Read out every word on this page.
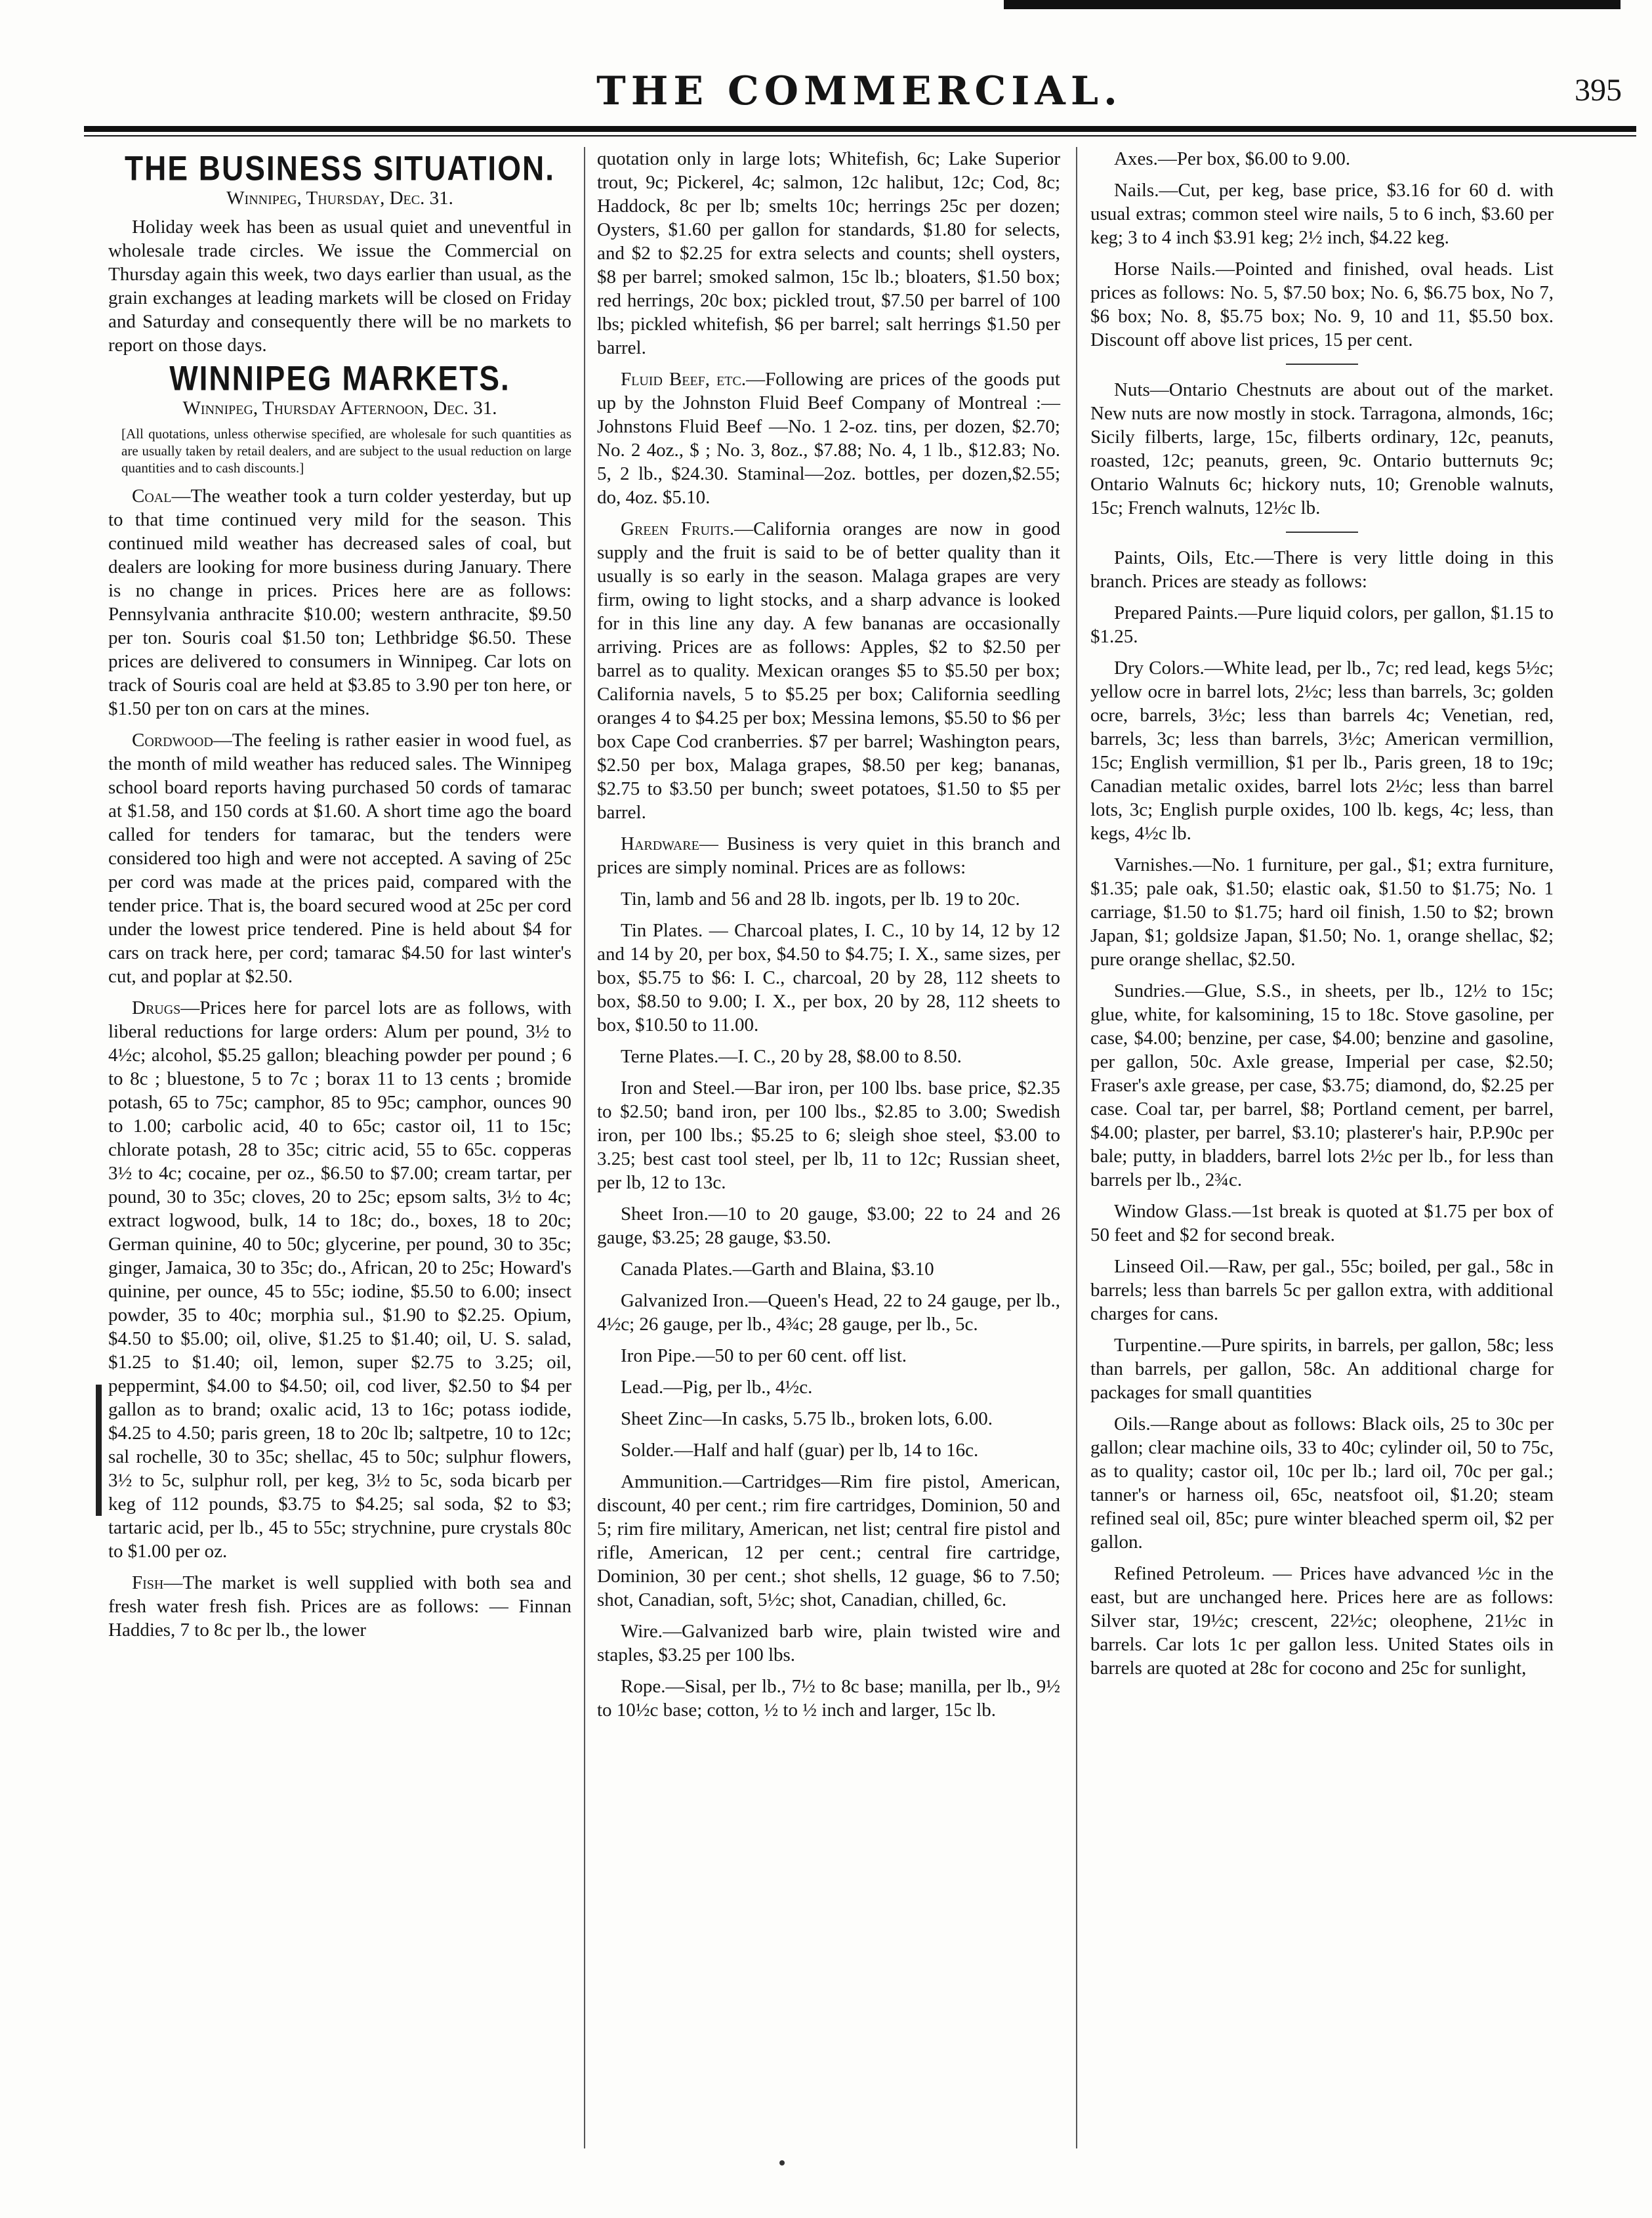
THE COMMERCIAL.	395
THE BUSINESS SITUATION.
Winnipeg, Thursday, Dec. 31.

Holiday week has been as usual quiet and uneventful in wholesale trade circles. We issue the Commercial on Thursday again this week, two days earlier than usual, as the grain exchanges at leading markets will be closed on Friday and Saturday and consequently there will be no markets to report on those days.

WINNIPEG MARKETS.
Winnipeg, Thursday Afternoon, Dec. 31.
[All quotations, unless otherwise specified, are wholesale for such quantities as are usually taken by retail dealers, and are subject to the usual reduction on large quantities and to cash discounts.]

Coal—The weather took a turn colder yesterday, but up to that time continued very mild for the season. This continued mild weather has decreased sales of coal, but dealers are looking for more business during January. There is no change in prices. Prices here are as follows: Pennsylvania anthracite $10.00; western anthracite, $9.50 per ton. Souris coal $1.50 ton; Lethbridge $6.50. These prices are delivered to consumers in Winnipeg. Car lots on track of Souris coal are held at $3.85 to 3.90 per ton here, or $1.50 per ton on cars at the mines.

Cordwood—The feeling is rather easier in wood fuel, as the month of mild weather has reduced sales. The Winnipeg school board reports having purchased 50 cords of tamarac at $1.58, and 150 cords at $1.60. A short time ago the board called for tenders for tamarac, but the tenders were considered too high and were not accepted. A saving of 25c per cord was made at the prices paid, compared with the tender price. That is, the board secured wood at 25c per cord under the lowest price tendered. Pine is held about $4 for cars on track here, per cord; tamarac $4.50 for last winter's cut, and poplar at $2.50.

Drugs—Prices here for parcel lots are as follows, with liberal reductions for large orders: Alum per pound, 3½ to 4½c; alcohol, $5.25 gallon; bleaching powder per pound ; 6 to 8c ; bluestone, 5 to 7c ; borax 11 to 13 cents ; bromide potash, 65 to 75c; camphor, 85 to 95c; camphor, ounces 90 to 1.00; carbolic acid, 40 to 65c; castor oil, 11 to 15c; chlorate potash, 28 to 35c; citric acid, 55 to 65c. copperas 3½ to 4c; cocaine, per oz., $6.50 to $7.00; cream tartar, per pound, 30 to 35c; cloves, 20 to 25c; epsom salts, 3½ to 4c; extract logwood, bulk, 14 to 18c; do., boxes, 18 to 20c; German quinine, 40 to 50c; glycerine, per pound, 30 to 35c; ginger, Jamaica, 30 to 35c; do., African, 20 to 25c; Howard's quinine, per ounce, 45 to 55c; iodine, $5.50 to 6.00; insect powder, 35 to 40c; morphia sul., $1.90 to $2.25. Opium, $4.50 to $5.00; oil, olive, $1.25 to $1.40; oil, U. S. salad, $1.25 to $1.40; oil, lemon, super $2.75 to 3.25; oil, peppermint, $4.00 to $4.50; oil, cod liver, $2.50 to $4 per gallon as to brand; oxalic acid, 13 to 16c; potass iodide, $4.25 to 4.50; paris green, 18 to 20c lb; saltpetre, 10 to 12c; sal rochelle, 30 to 35c; shellac, 45 to 50c; sulphur flowers, 3½ to 5c, sulphur roll, per keg, 3½ to 5c, soda bicarb per keg of 112 pounds, $3.75 to $4.25; sal soda, $2 to $3; tartaric acid, per lb., 45 to 55c; strychnine, pure crystals 80c to $1.00 per oz.

Fish—The market is well supplied with both sea and fresh water fresh fish. Prices are as follows: — Finnan Haddies, 7 to 8c per lb., the lower

quotation only in large lots; Whitefish, 6c; Lake Superior trout, 9c; Pickerel, 4c; salmon, 12c halibut, 12c; Cod, 8c; Haddock, 8c per lb; smelts 10c; herrings 25c per dozen; Oysters, $1.60 per gallon for standards, $1.80 for selects, and $2 to $2.25 for extra selects and counts; shell oysters, $8 per barrel; smoked salmon, 15c lb.; bloaters, $1.50 box; red herrings, 20c box; pickled trout, $7.50 per barrel of 100 lbs; pickled whitefish, $6 per barrel; salt herrings $1.50 per barrel.

Fluid Beef, etc.—Following are prices of the goods put up by the Johnston Fluid Beef Company of Montreal :—Johnstons Fluid Beef —No. 1 2-oz. tins, per dozen, $2.70; No. 2 4oz., $ ; No. 3, 8oz., $7.88; No. 4, 1 lb., $12.83; No. 5, 2 lb., $24.30. Staminal—2oz. bottles, per dozen,$2.55; do, 4oz. $5.10.

Green Fruits.—California oranges are now in good supply and the fruit is said to be of better quality than it usually is so early in the season. Malaga grapes are very firm, owing to light stocks, and a sharp advance is looked for in this line any day. A few bananas are occasionally arriving. Prices are as follows: Apples, $2 to $2.50 per barrel as to quality. Mexican oranges $5 to $5.50 per box; California navels, 5 to $5.25 per box; California seedling oranges 4 to $4.25 per box; Messina lemons, $5.50 to $6 per box Cape Cod cranberries. $7 per barrel; Washington pears, $2.50 per box, Malaga grapes, $8.50 per keg; bananas, $2.75 to $3.50 per bunch; sweet potatoes, $1.50 to $5 per barrel.

Hardware— Business is very quiet in this branch and prices are simply nominal. Prices are as follows:

Tin, lamb and 56 and 28 lb. ingots, per lb. 19 to 20c.

Tin Plates. — Charcoal plates, I. C., 10 by 14, 12 by 12 and 14 by 20, per box, $4.50 to $4.75; I. X., same sizes, per box, $5.75 to $6: I. C., charcoal, 20 by 28, 112 sheets to box, $8.50 to 9.00; I. X., per box, 20 by 28, 112 sheets to box, $10.50 to 11.00.

Terne Plates.—I. C., 20 by 28, $8.00 to 8.50.

Iron and Steel.—Bar iron, per 100 lbs. base price, $2.35 to $2.50; band iron, per 100 lbs., $2.85 to 3.00; Swedish iron, per 100 lbs.; $5.25 to 6; sleigh shoe steel, $3.00 to 3.25; best cast tool steel, per lb, 11 to 12c; Russian sheet, per lb, 12 to 13c.

Sheet Iron.—10 to 20 gauge, $3.00; 22 to 24 and 26 gauge, $3.25; 28 gauge, $3.50.

Canada Plates.—Garth and Blaina, $3.10

Galvanized Iron.—Queen's Head, 22 to 24 gauge, per lb., 4½c; 26 gauge, per lb., 4¾c; 28 gauge, per lb., 5c.

Iron Pipe.—50 to per 60 cent. off list.

Lead.—Pig, per lb., 4½c.

Sheet Zinc—In casks, 5.75 lb., broken lots, 6.00.

Solder.—Half and half (guar) per lb, 14 to 16c.

Ammunition.—Cartridges—Rim fire pistol, American, discount, 40 per cent.; rim fire cartridges, Dominion, 50 and 5; rim fire military, American, net list; central fire pistol and rifle, American, 12 per cent.; central fire cartridge, Dominion, 30 per cent.; shot shells, 12 guage, $6 to 7.50; shot, Canadian, soft, 5½c; shot, Canadian, chilled, 6c.

Wire.—Galvanized barb wire, plain twisted wire and staples, $3.25 per 100 lbs.

Rope.—Sisal, per lb., 7½ to 8c base; manilla, per lb., 9½ to 10½c base; cotton, ½ to ½ inch and larger, 15c lb.

Axes.—Per box, $6.00 to 9.00.

Nails.—Cut, per keg, base price, $3.16 for 60 d. with usual extras; common steel wire nails, 5 to 6 inch, $3.60 per keg; 3 to 4 inch $3.91 keg; 2½ inch, $4.22 keg.

Horse Nails.—Pointed and finished, oval heads. List prices as follows: No. 5, $7.50 box; No. 6, $6.75 box, No 7, $6 box; No. 8, $5.75 box; No. 9, 10 and 11, $5.50 box. Discount off above list prices, 15 per cent.

Nuts—Ontario Chestnuts are about out of the market. New nuts are now mostly in stock. Tarragona, almonds, 16c; Sicily filberts, large, 15c, filberts ordinary, 12c, peanuts, roasted, 12c; peanuts, green, 9c. Ontario butternuts 9c; Ontario Walnuts 6c; hickory nuts, 10; Grenoble walnuts, 15c; French walnuts, 12½c lb.

Paints, Oils, Etc.—There is very little doing in this branch. Prices are steady as follows:

Prepared Paints.—Pure liquid colors, per gallon, $1.15 to $1.25.

Dry Colors.—White lead, per lb., 7c; red lead, kegs 5½c; yellow ocre in barrel lots, 2½c; less than barrels, 3c; golden ocre, barrels, 3½c; less than barrels 4c; Venetian, red, barrels, 3c; less than barrels, 3½c; American vermillion, 15c; English vermillion, $1 per lb., Paris green, 18 to 19c; Canadian metalic oxides, barrel lots 2½c; less than barrel lots, 3c; English purple oxides, 100 lb. kegs, 4c; less, than kegs, 4½c lb.

Varnishes.—No. 1 furniture, per gal., $1; extra furniture, $1.35; pale oak, $1.50; elastic oak, $1.50 to $1.75; No. 1 carriage, $1.50 to $1.75; hard oil finish, 1.50 to $2; brown Japan, $1; goldsize Japan, $1.50; No. 1, orange shellac, $2; pure orange shellac, $2.50.

Sundries.—Glue, S.S., in sheets, per lb., 12½ to 15c; glue, white, for kalsomining, 15 to 18c. Stove gasoline, per case, $4.00; benzine, per case, $4.00; benzine and gasoline, per gallon, 50c. Axle grease, Imperial per case, $2.50; Fraser's axle grease, per case, $3.75; diamond, do, $2.25 per case. Coal tar, per barrel, $8; Portland cement, per barrel, $4.00; plaster, per barrel, $3.10; plasterer's hair, P.P.90c per bale; putty, in bladders, barrel lots 2½c per lb., for less than barrels per lb., 2¾c.

Window Glass.—1st break is quoted at $1.75 per box of 50 feet and $2 for second break.

Linseed Oil.—Raw, per gal., 55c; boiled, per gal., 58c in barrels; less than barrels 5c per gallon extra, with additional charges for cans.

Turpentine.—Pure spirits, in barrels, per gallon, 58c; less than barrels, per gallon, 58c. An additional charge for packages for small quantities

Oils.—Range about as follows: Black oils, 25 to 30c per gallon; clear machine oils, 33 to 40c; cylinder oil, 50 to 75c, as to quality; castor oil, 10c per lb.; lard oil, 70c per gal.; tanner's or harness oil, 65c, neatsfoot oil, $1.20; steam refined seal oil, 85c; pure winter bleached sperm oil, $2 per gallon.

Refined Petroleum. — Prices have advanced ½c in the east, but are unchanged here. Prices here are as follows: Silver star, 19½c; crescent, 22½c; oleophene, 21½c in barrels. Car lots 1c per gallon less. United States oils in barrels are quoted at 28c for cocono and 25c for sunlight,
